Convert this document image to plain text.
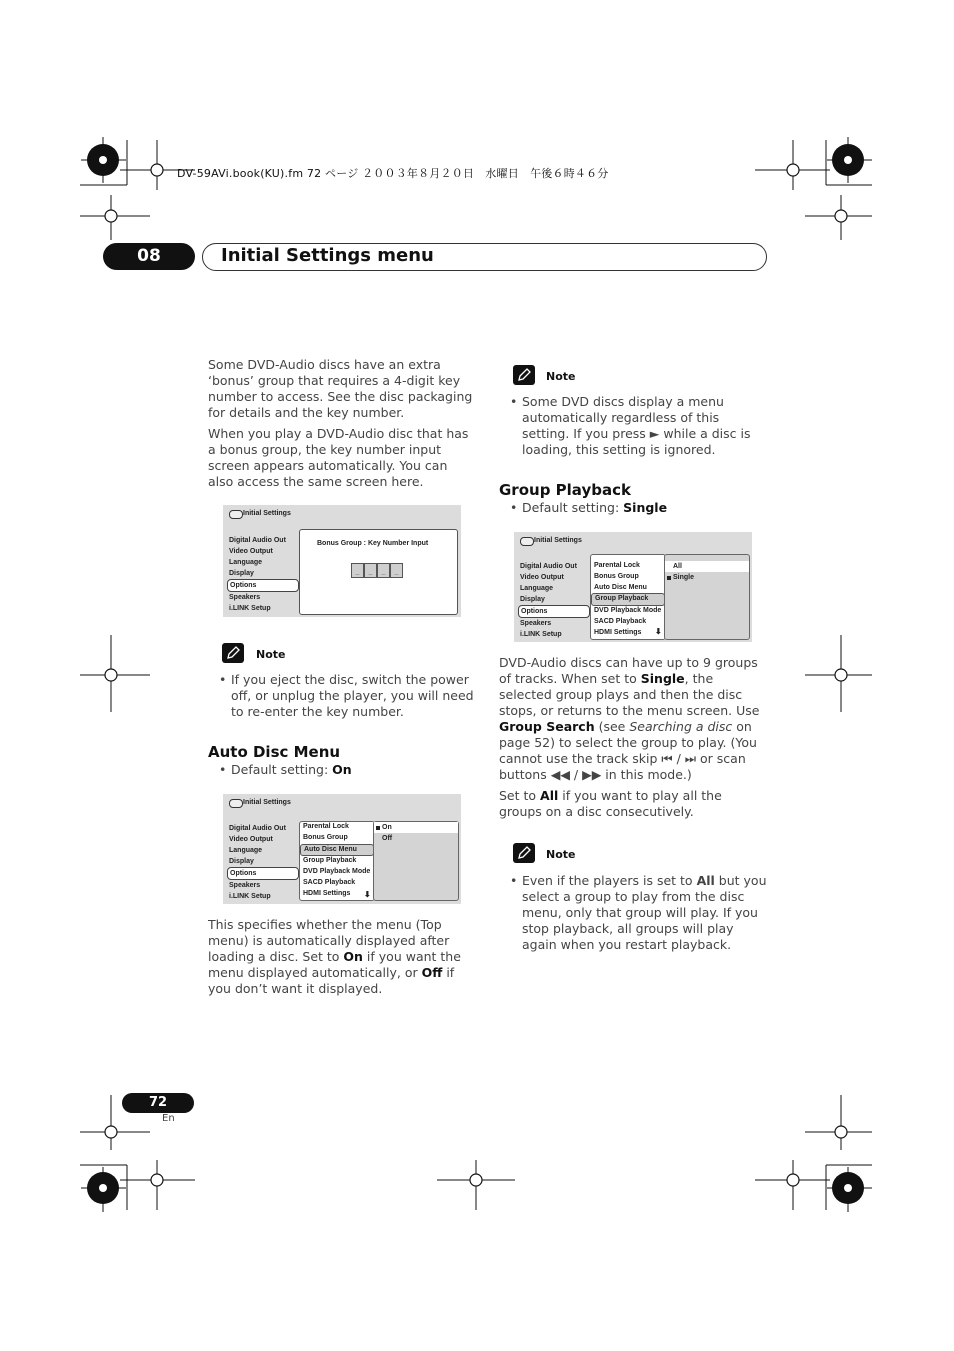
DV-59AVi.book(KU).fm 72 ページ ２００３年８月２０日　水曜日　午後６時４６分
08	Initial Settings menu
Some DVD-Audio discs have an extra ‘bonus’ group that requires a 4-digit key number to access. See the disc packaging for details and the key number.
When you play a DVD-Audio disc that has a bonus group, the key number input screen appears automatically. You can also access the same screen here.
Initial Settings
Digital Audio Out
Video Output
Language
Display
Options
Speakers
i.LINK Setup
Bonus Group : Key Number Input
_	_	_	_
Note
• If you eject the disc, switch the power off, or unplug the player, you will need to re-enter the key number.
Auto Disc Menu
• Default setting: On
Initial Settings
Digital Audio Out
Video Output
Language
Display
Options
Speakers
i.LINK Setup
Parental Lock
Bonus Group
Auto Disc Menu
Group Playback
DVD Playback Mode
SACD Playback
HDMI Settings	⬇
On
Off
This specifies whether the menu (Top menu) is automatically displayed after loading a disc. Set to On if you want the menu displayed automatically, or Off if you don’t want it displayed.
Note
• Some DVD discs display a menu automatically regardless of this setting. If you press ► while a disc is loading, this setting is ignored.
Group Playback
• Default setting: Single
Initial Settings
Digital Audio Out
Video Output
Language
Display
Options
Speakers
i.LINK Setup
Parental Lock
Bonus Group
Auto Disc Menu
Group Playback
DVD Playback Mode
SACD Playback
HDMI Settings	⬇
All
Single
DVD-Audio discs can have up to 9 groups of tracks. When set to Single, the selected group plays and then the disc stops, or returns to the menu screen. Use Group Search (see Searching a disc on page 52) to select the group to play. (You cannot use the track skip ⏮ / ⏭ or scan buttons ◀◀ / ▶▶ in this mode.)
Set to All if you want to play all the groups on a disc consecutively.
Note
• Even if the players is set to All but you select a group to play from the disc menu, only that group will play. If you stop playback, all groups will play again when you restart playback.
72
En
